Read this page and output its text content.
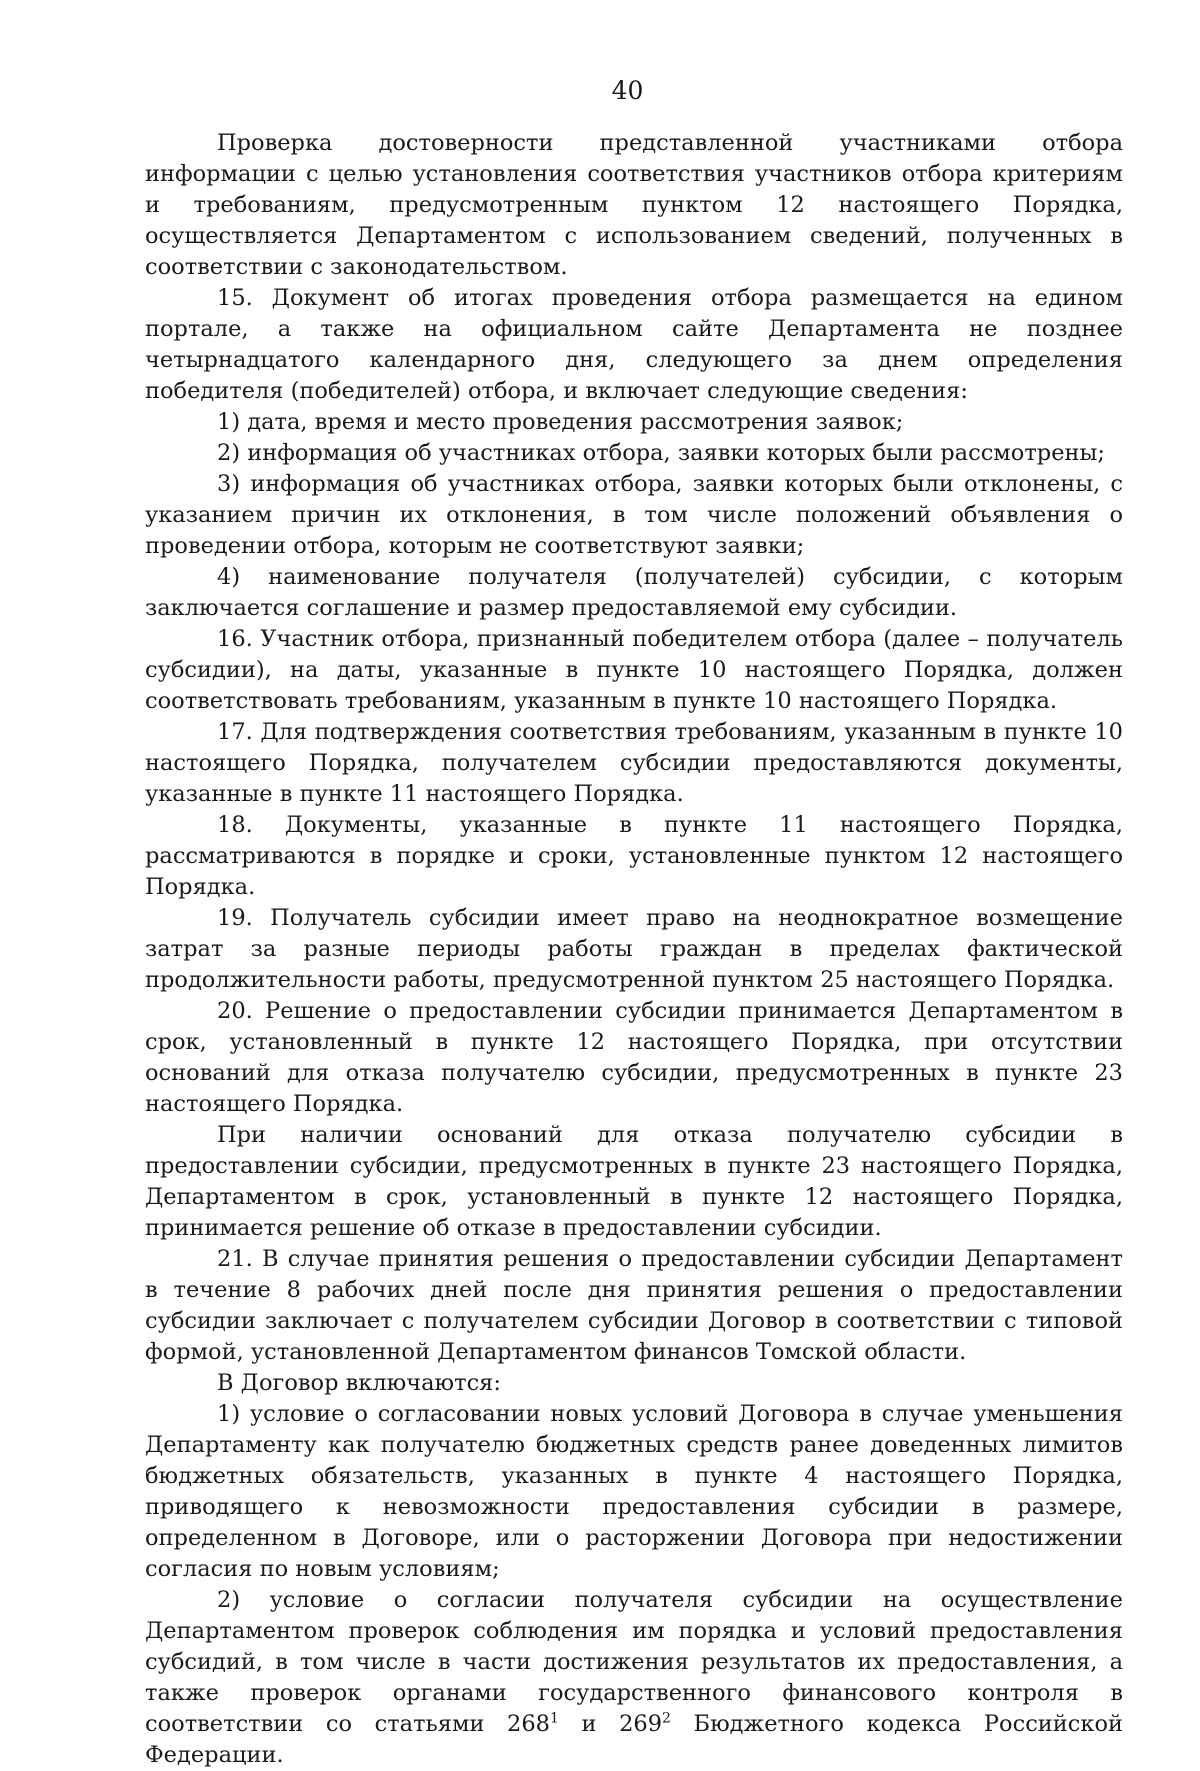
40

Проверка достоверности представленной участниками отбора информации с целью установления соответствия участников отбора критериям и требованиям, предусмотренным пунктом 12 настоящего Порядка, осуществляется Департаментом с использованием сведений, полученных в соответствии с законодательством.

15. Документ об итогах проведения отбора размещается на едином портале, а также на официальном сайте Департамента не позднее четырнадцатого календарного дня, следующего за днем определения победителя (победителей) отбора, и включает следующие сведения:

1) дата, время и место проведения рассмотрения заявок;

2) информация об участниках отбора, заявки которых были рассмотрены;

3) информация об участниках отбора, заявки которых были отклонены, с указанием причин их отклонения, в том числе положений объявления о проведении отбора, которым не соответствуют заявки;

4) наименование получателя (получателей) субсидии, с которым заключается соглашение и размер предоставляемой ему субсидии.

16. Участник отбора, признанный победителем отбора (далее – получатель субсидии), на даты, указанные в пункте 10 настоящего Порядка, должен соответствовать требованиям, указанным в пункте 10 настоящего Порядка.

17. Для подтверждения соответствия требованиям, указанным в пункте 10 настоящего Порядка, получателем субсидии предоставляются документы, указанные в пункте 11 настоящего Порядка.

18. Документы, указанные в пункте 11 настоящего Порядка, рассматриваются в порядке и сроки, установленные пунктом 12 настоящего Порядка.

19. Получатель субсидии имеет право на неоднократное возмещение затрат за разные периоды работы граждан в пределах фактической продолжительности работы, предусмотренной пунктом 25 настоящего Порядка.

20. Решение о предоставлении субсидии принимается Департаментом в срок, установленный в пункте 12 настоящего Порядка, при отсутствии оснований для отказа получателю субсидии, предусмотренных в пункте 23 настоящего Порядка.

При наличии оснований для отказа получателю субсидии в предоставлении субсидии, предусмотренных в пункте 23 настоящего Порядка, Департаментом в срок, установленный в пункте 12 настоящего Порядка, принимается решение об отказе в предоставлении субсидии.

21. В случае принятия решения о предоставлении субсидии Департамент в течение 8 рабочих дней после дня принятия решения о предоставлении субсидии заключает с получателем субсидии Договор в соответствии с типовой формой, установленной Департаментом финансов Томской области.

В Договор включаются:

1) условие о согласовании новых условий Договора в случае уменьшения Департаменту как получателю бюджетных средств ранее доведенных лимитов бюджетных обязательств, указанных в пункте 4 настоящего Порядка, приводящего к невозможности предоставления субсидии в размере, определенном в Договоре, или о расторжении Договора при недостижении согласия по новым условиям;

2) условие о согласии получателя субсидии на осуществление Департаментом проверок соблюдения им порядка и условий предоставления субсидий, в том числе в части достижения результатов их предоставления, а также проверок органами государственного финансового контроля в соответствии со статьями $268^1$ и $269^2$ Бюджетного кодекса Российской Федерации.
